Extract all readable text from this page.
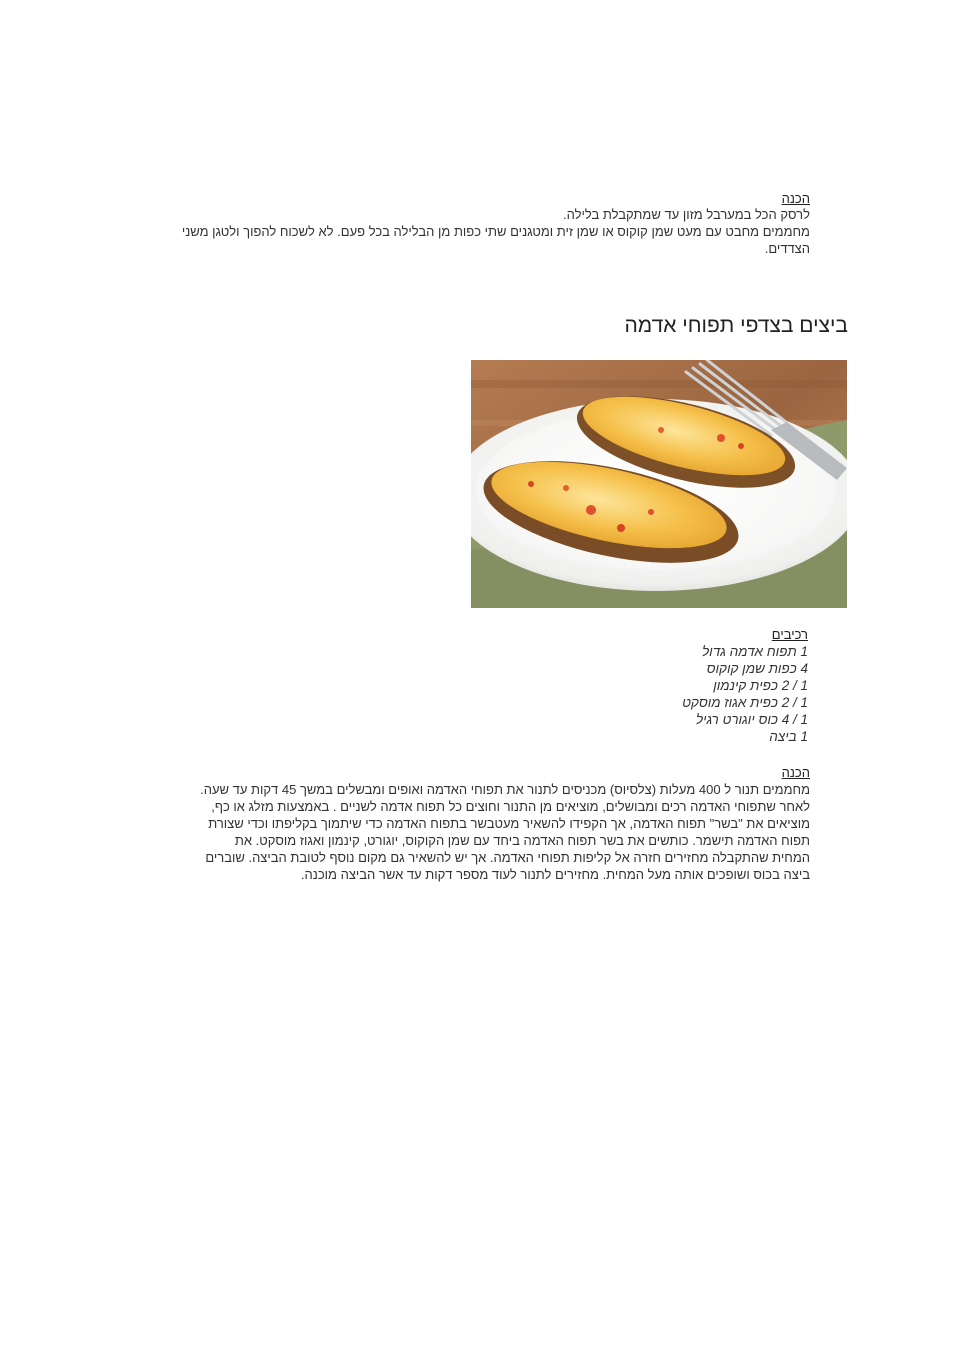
הכנה
לרסק הכל במערבל מזון עד שמתקבלת בלילה.
מחממים מחבט עם מעט שמן קוקוס או שמן זית ומטגנים שתי כפות מן הבלילה בכל פעם. לא לשכוח להפוך ולטגן משני
הצדדים.
ביצים בצדפי תפוחי אדמה
רכיבים
1 תפוח אדמה גדול
4 כפות שמן קוקוס
1 / 2 כפית קינמון
1 / 2 כפית אגוז מוסקט
1 / 4 כוס יוגורט רגיל
1 ביצה
הכנה
מחממים תנור ל 400 מעלות (צלסיוס) מכניסים לתנור את תפוחי האדמה ואופים ומבשלים במשך 45 דקות עד שעה.
לאחר שתפוחי האדמה רכים ומבושלים, מוציאים מן התנור וחוצים כל תפוח אדמה לשניים . באמצעות מזלג או כף,
מוציאים את "בשר" תפוח האדמה, אך הקפידו להשאיר מעטבשר בתפוח האדמה כדי שיתמוך בקליפתו וכדי שצורת
תפוח האדמה תישמר. כותשים את בשר תפוח האדמה ביחד עם שמן הקוקוס, יוגורט, קינמון ואגוז מוסקט. את
המחית שהתקבלה מחזירים חזרה אל קליפות תפוחי האדמה. אך יש להשאיר גם מקום נוסף לטובת הביצה. שוברים
ביצה בכוס ושופכים אותה מעל המחית. מחזירים לתנור לעוד מספר דקות עד אשר הביצה מוכנה.
